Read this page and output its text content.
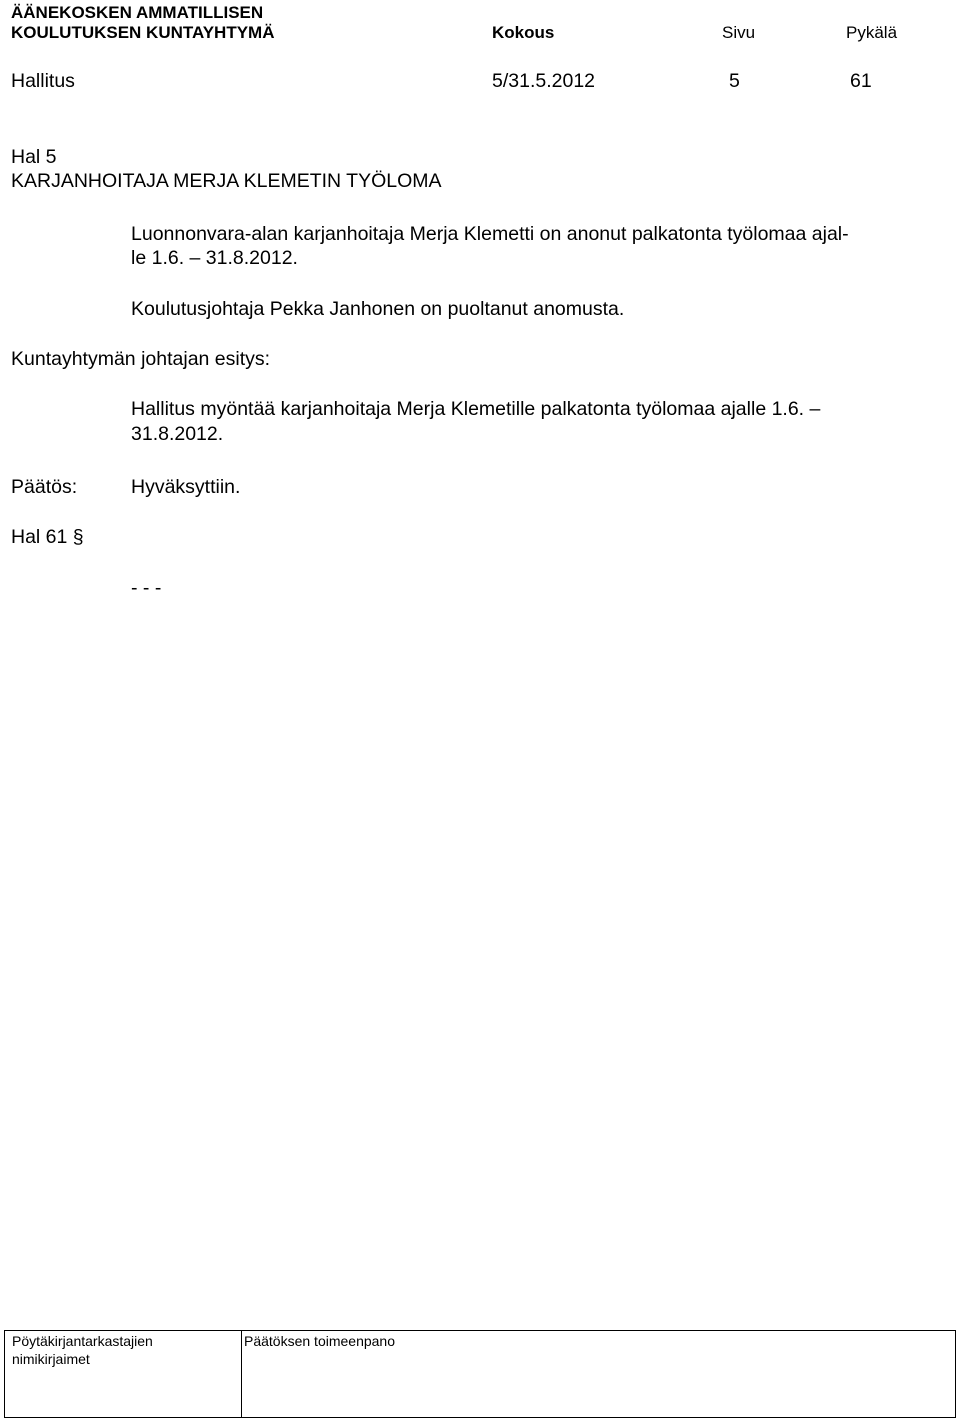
ÄÄNEKOSKEN AMMATILLISEN
KOULUTUKSEN KUNTAYHTYMÄ	Kokous	Sivu	Pykälä
Hallitus	5/31.5.2012	5	61
Hal 5
KARJANHOITAJA MERJA KLEMETIN TYÖLOMA
Luonnonvara-alan karjanhoitaja Merja Klemetti on anonut palkatonta työlomaa ajal-
le 1.6. – 31.8.2012.
Koulutusjohtaja Pekka Janhonen on puoltanut anomusta.
Kuntayhtymän johtajan esitys:
Hallitus myöntää karjanhoitaja Merja Klemetille palkatonta työlomaa ajalle 1.6. –
31.8.2012.
Päätös:	Hyväksyttiin.
Hal 61 §
- - -
Pöytäkirjantarkastajien
nimikirjaimet
Päätöksen toimeenpano
